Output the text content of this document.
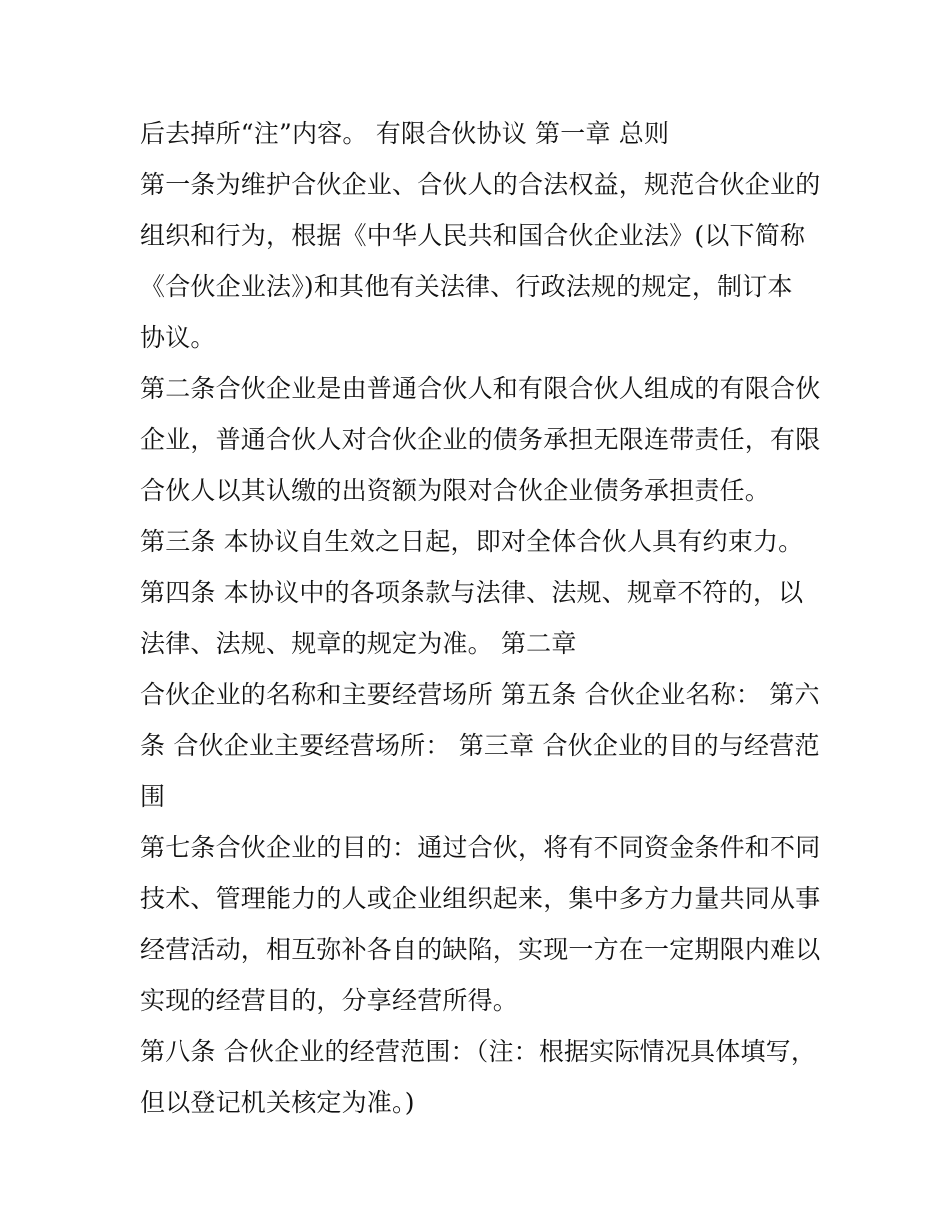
后去掉所“注”内容。 有限合伙协议 第一章 总则
第一条为维护合伙企业、合伙人的合法权益，规范合伙企业的
组织和行为，根据《中华人民共和国合伙企业法》(以下简称
《合伙企业法》)和其他有关法律、行政法规的规定，制订本
协议。
第二条合伙企业是由普通合伙人和有限合伙人组成的有限合伙
企业，普通合伙人对合伙企业的债务承担无限连带责任，有限
合伙人以其认缴的出资额为限对合伙企业债务承担责任。
第三条 本协议自生效之日起，即对全体合伙人具有约束力。
第四条 本协议中的各项条款与法律、法规、规章不符的，以
法律、法规、规章的规定为准。 第二章
合伙企业的名称和主要经营场所 第五条 合伙企业名称： 第六
条 合伙企业主要经营场所： 第三章 合伙企业的目的与经营范
围
第七条合伙企业的目的：通过合伙，将有不同资金条件和不同
技术、管理能力的人或企业组织起来，集中多方力量共同从事
经营活动，相互弥补各自的缺陷，实现一方在一定期限内难以
实现的经营目的，分享经营所得。
第八条 合伙企业的经营范围：（注：根据实际情况具体填写，
但以登记机关核定为准。)
